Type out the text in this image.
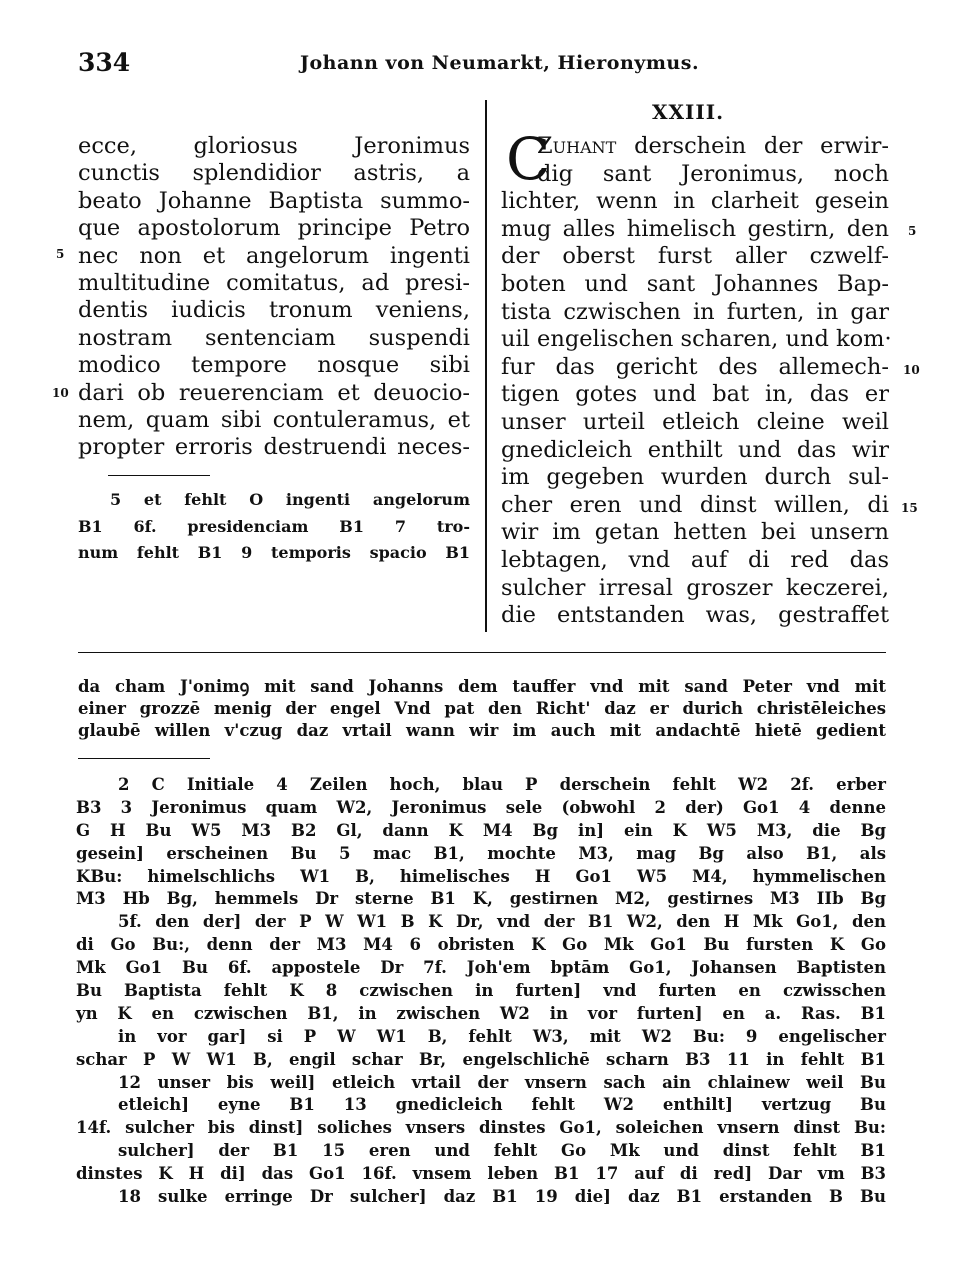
334	Johann von Neumarkt, Hieronymus.
ecce, gloriosus Jeronimus
cunctis splendidior astris, a
beato Johanne Baptista summo-
que apostolorum principe Petro
nec non et angelorum ingenti
multitudine comitatus, ad presi-
dentis iudicis tronum veniens,
nostram sentenciam suspendi
modico tempore nosque sibi
dari ob reuerenciam et deuocio-
nem, quam sibi contuleramus, et
propter erroris destruendi neces-
5
10
XXIII.
C
Zuhant derschein der erwir-
dig sant Jeronimus, noch
lichter, wenn in clarheit gesein
mug alles himelisch gestirn, den
der oberst furst aller czwelf-
boten und sant Johannes Bap-
tista czwischen in furten, in gar
uil engelischen scharen, und kom·
fur das gericht des allemech-
tigen gotes und bat in, das er
unser urteil etleich cleine weil
gnedicleich enthilt und das wir
im gegeben wurden durch sul-
cher eren und dinst willen, di
wir im getan hetten bei unsern
lebtagen, vnd auf di red das
sulcher irresal groszer keczerei,
die entstanden was, gestraffet
5
10
15
5 et fehlt O ingenti angelorum
B1 6f. presidenciam B1 7 tro-
num fehlt B1 9 temporis spacio B1
da cham J'onimꝯ mit sand Johanns dem tauffer vnd mit sand Peter vnd mit
einer grozzē menig der engel Vnd pat den Richt' daz er durich christēleiches
glaubē willen v'czug daz vrtail wann wir im auch mit andachtē hietē gedient
2 C Initiale 4 Zeilen hoch, blau P derschein fehlt W2 2f. erber
B3 3 Jeronimus quam W2, Jeronimus sele (obwohl 2 der) Go1 4 denne
G H Bu W5 M3 B2 Gl, dann K M4 Bg in] ein K W5 M3, die Bg
gesein] erscheinen Bu 5 mac B1, mochte M3, mag Bg also B1, als
KBu: himelschlichs W1 B, himelisches H Go1 W5 M4, hymmelischen
M3 Hb Bg, hemmels Dr sterne B1 K, gestirnen M2, gestirnes M3 IIb Bg
5f. den der] der P W W1 B K Dr, vnd der B1 W2, den H Mk Go1, den
di Go Bu:, denn der M3 M4 6 obristen K Go Mk Go1 Bu fursten K Go
Mk Go1 Bu 6f. appostele Dr 7f. Joh'em bptām Go1, Johansen Baptisten
Bu Baptista fehlt K 8 czwischen in furten] vnd furten en czwisschen
yn K en czwischen B1, in zwischen W2 in vor furten] en a. Ras. B1
in vor gar] si P W W1 B, fehlt W3, mit W2 Bu: 9 engelischer
schar P W W1 B, engil schar Br, engelschlichē scharn B3 11 in fehlt B1
12 unser bis weil] etleich vrtail der vnsern sach ain chlainew weil Bu
etleich] eyne B1 13 gnedicleich fehlt W2 enthilt] vertzug Bu
14f. sulcher bis dinst] soliches vnsers dinstes Go1, soleichen vnsern dinst Bu:
sulcher] der B1 15 eren und fehlt Go Mk und dinst fehlt B1
dinstes K H di] das Go1 16f. vnsem leben B1 17 auf di red] Dar vm B3
18 sulke erringe Dr sulcher] daz B1 19 die] daz B1 erstanden B Bu
